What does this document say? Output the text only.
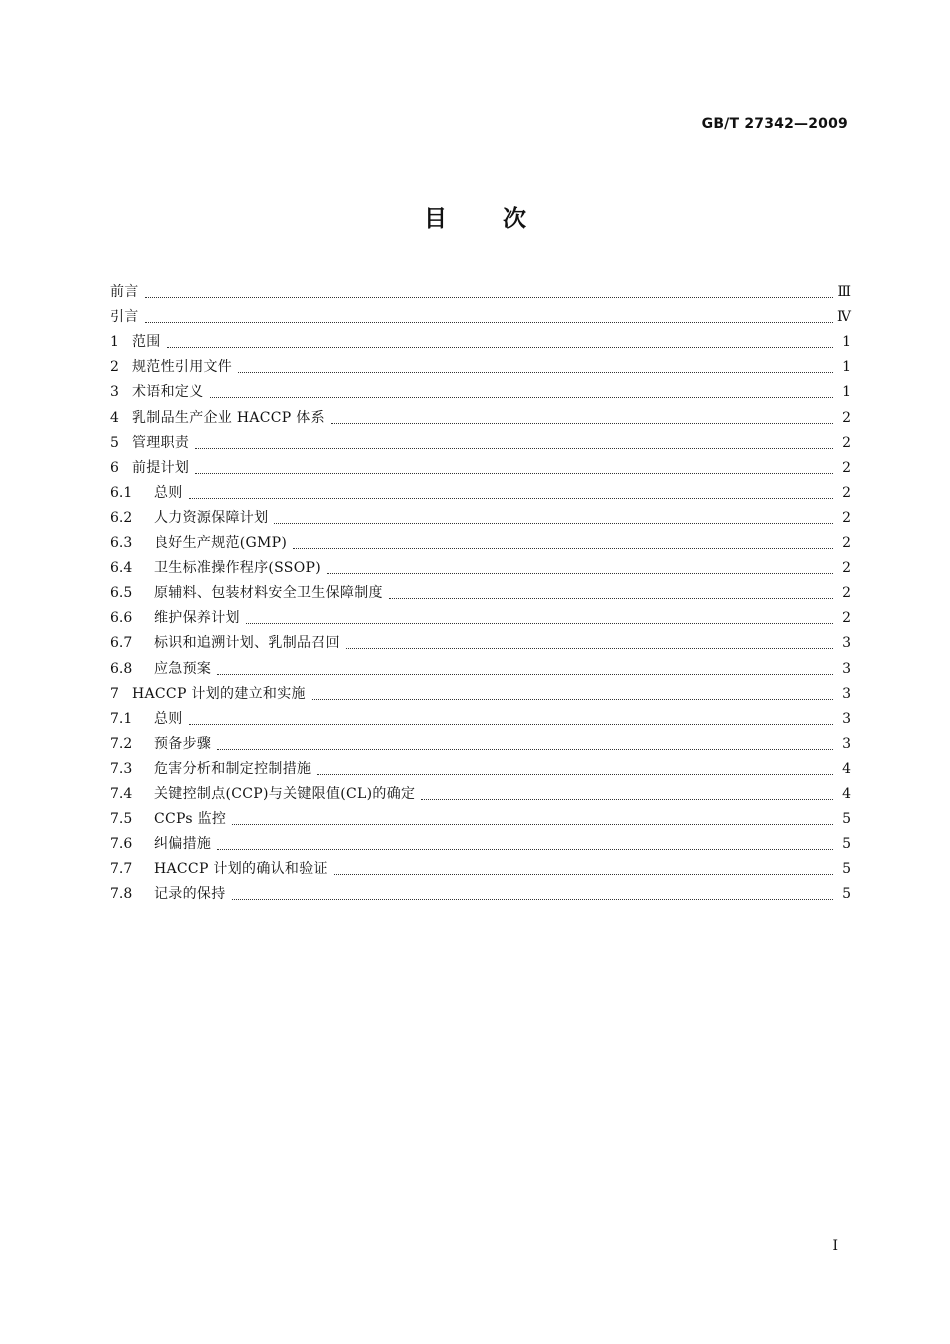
GB/T 27342—2009
目 次
前言	Ⅲ
引言	Ⅳ
1 范围	1
2 规范性引用文件	1
3 术语和定义	1
4 乳制品生产企业 HACCP 体系	2
5 管理职责	2
6 前提计划	2
6.1	总则	2
6.2	人力资源保障计划	2
6.3	良好生产规范(GMP)	2
6.4	卫生标准操作程序(SSOP)	2
6.5	原辅料、包装材料安全卫生保障制度	2
6.6	维护保养计划	2
6.7	标识和追溯计划、乳制品召回	3
6.8	应急预案	3
7 HACCP 计划的建立和实施	3
7.1	总则	3
7.2	预备步骤	3
7.3	危害分析和制定控制措施	4
7.4	关键控制点(CCP)与关键限值(CL)的确定	4
7.5	CCPs 监控	5
7.6	纠偏措施	5
7.7	HACCP 计划的确认和验证	5
7.8	记录的保持	5
I
